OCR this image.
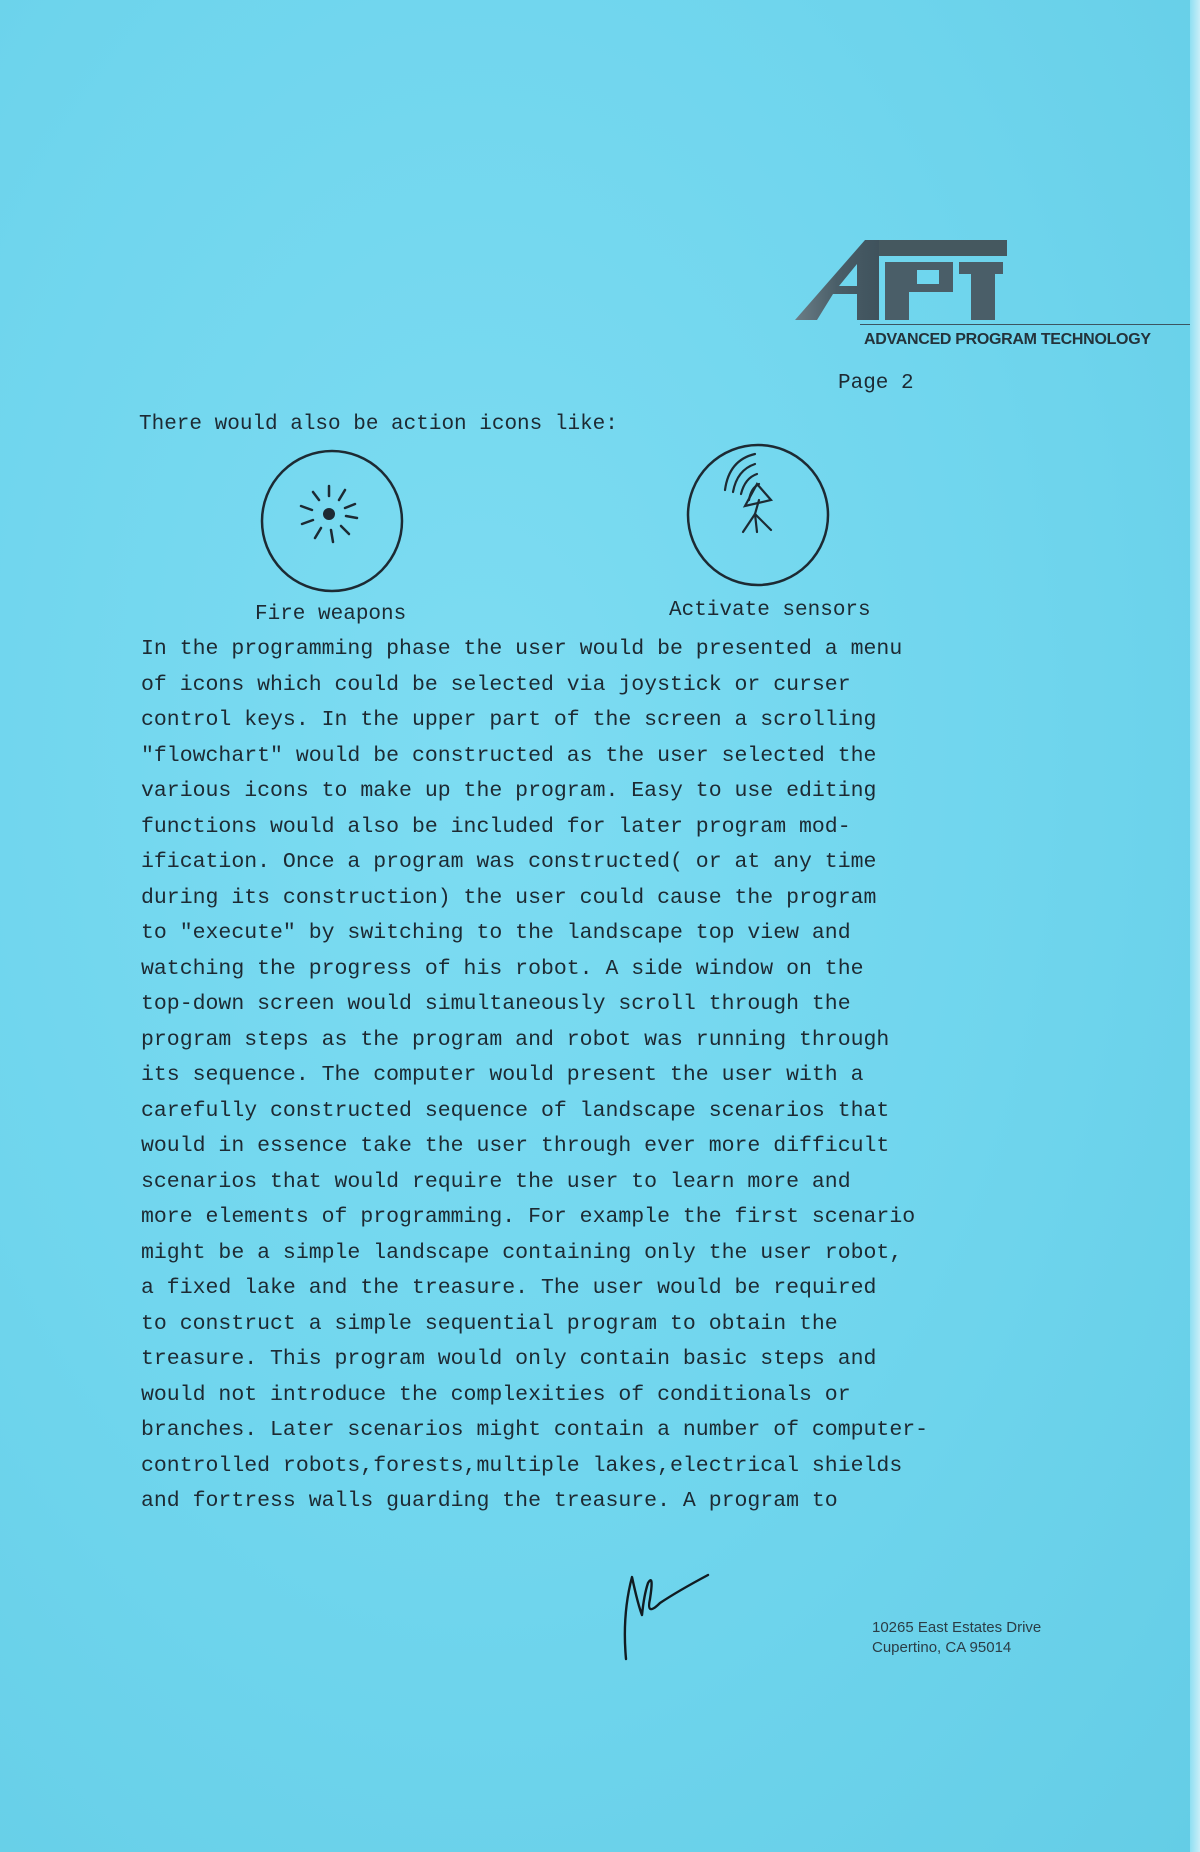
ADVANCED PROGRAM TECHNOLOGY
Page 2
There would also be action icons like:
Fire weapons	Activate sensors
In the programming phase the user would be presented a menu
of icons which could be selected via joystick or curser
control keys. In the upper part of the screen a scrolling
"flowchart" would be constructed as the user selected the
various icons to make up the program. Easy to use editing
functions would also be included for later program mod-
ification. Once a program was constructed( or at any time
during its construction) the user could cause the program
to "execute" by switching to the landscape top view and
watching the progress of his robot. A side window on the
top-down screen would simultaneously scroll through the
program steps as the program and robot was running through
its sequence. The computer would present the user with a
carefully constructed sequence of landscape scenarios that
would in essence take the user through ever more difficult
scenarios that would require the user to learn more and
more elements of programming. For example the first scenario
might be a simple landscape containing only the user robot,
a fixed lake and the treasure. The user would be required
to construct a simple sequential program to obtain the
treasure. This program would only contain basic steps and
would not introduce the complexities of conditionals or
branches. Later scenarios might contain a number of computer-
controlled robots,forests,multiple lakes,electrical shields
and fortress walls guarding the treasure. A program to
10265 East Estates Drive
Cupertino, CA 95014
